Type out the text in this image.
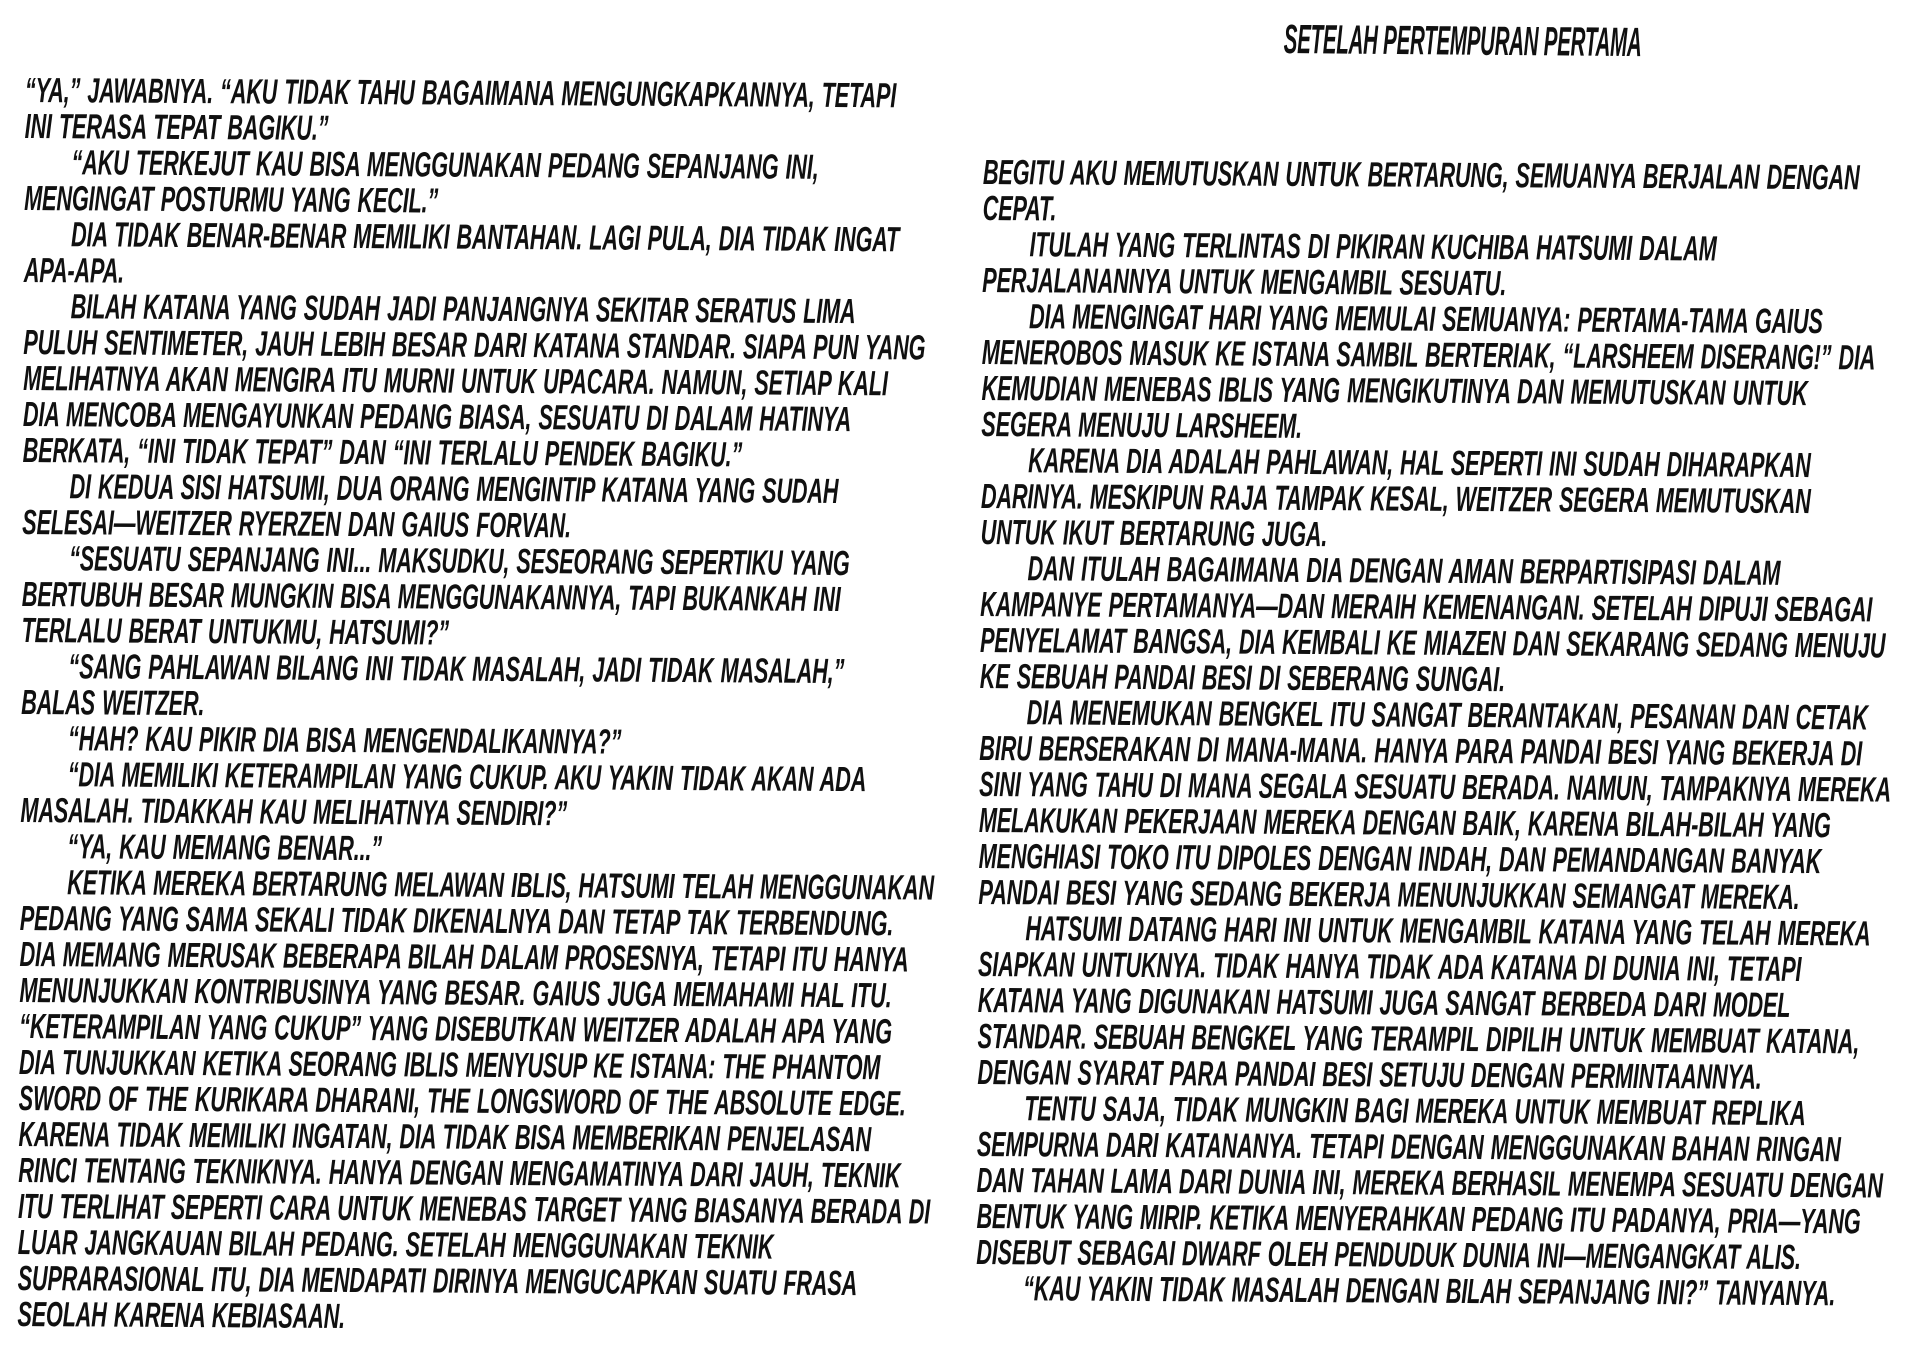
SETELAH PERTEMPURAN PERTAMA
“YA,” JAWABNYA. “AKU TIDAK TAHU BAGAIMANA MENGUNGKAPKANNYA, TETAPI
INI TERASA TEPAT BAGIKU.”
“AKU TERKEJUT KAU BISA MENGGUNAKAN PEDANG SEPANJANG INI,
MENGINGAT POSTURMU YANG KECIL.”
DIA TIDAK BENAR-BENAR MEMILIKI BANTAHAN. LAGI PULA, DIA TIDAK INGAT
APA-APA.
BILAH KATANA YANG SUDAH JADI PANJANGNYA SEKITAR SERATUS LIMA
PULUH SENTIMETER, JAUH LEBIH BESAR DARI KATANA STANDAR. SIAPA PUN YANG
MELIHATNYA AKAN MENGIRA ITU MURNI UNTUK UPACARA. NAMUN, SETIAP KALI
DIA MENCOBA MENGAYUNKAN PEDANG BIASA, SESUATU DI DALAM HATINYA
BERKATA, “INI TIDAK TEPAT” DAN “INI TERLALU PENDEK BAGIKU.”
DI KEDUA SISI HATSUMI, DUA ORANG MENGINTIP KATANA YANG SUDAH
SELESAI—WEITZER RYERZEN DAN GAIUS FORVAN.
“SESUATU SEPANJANG INI... MAKSUDKU, SESEORANG SEPERTIKU YANG
BERTUBUH BESAR MUNGKIN BISA MENGGUNAKANNYA, TAPI BUKANKAH INI
TERLALU BERAT UNTUKMU, HATSUMI?”
“SANG PAHLAWAN BILANG INI TIDAK MASALAH, JADI TIDAK MASALAH,”
BALAS WEITZER.
“HAH? KAU PIKIR DIA BISA MENGENDALIKANNYA?”
“DIA MEMILIKI KETERAMPILAN YANG CUKUP. AKU YAKIN TIDAK AKAN ADA
MASALAH. TIDAKKAH KAU MELIHATNYA SENDIRI?”
“YA, KAU MEMANG BENAR...”
KETIKA MEREKA BERTARUNG MELAWAN IBLIS, HATSUMI TELAH MENGGUNAKAN
PEDANG YANG SAMA SEKALI TIDAK DIKENALNYA DAN TETAP TAK TERBENDUNG.
DIA MEMANG MERUSAK BEBERAPA BILAH DALAM PROSESNYA, TETAPI ITU HANYA
MENUNJUKKAN KONTRIBUSINYA YANG BESAR. GAIUS JUGA MEMAHAMI HAL ITU.
“KETERAMPILAN YANG CUKUP” YANG DISEBUTKAN WEITZER ADALAH APA YANG
DIA TUNJUKKAN KETIKA SEORANG IBLIS MENYUSUP KE ISTANA: THE PHANTOM
SWORD OF THE KURIKARA DHARANI, THE LONGSWORD OF THE ABSOLUTE EDGE.
KARENA TIDAK MEMILIKI INGATAN, DIA TIDAK BISA MEMBERIKAN PENJELASAN
RINCI TENTANG TEKNIKNYA. HANYA DENGAN MENGAMATINYA DARI JAUH, TEKNIK
ITU TERLIHAT SEPERTI CARA UNTUK MENEBAS TARGET YANG BIASANYA BERADA DI
LUAR JANGKAUAN BILAH PEDANG. SETELAH MENGGUNAKAN TEKNIK
SUPRARASIONAL ITU, DIA MENDAPATI DIRINYA MENGUCAPKAN SUATU FRASA
SEOLAH KARENA KEBIASAAN.
BEGITU AKU MEMUTUSKAN UNTUK BERTARUNG, SEMUANYA BERJALAN DENGAN
CEPAT.
ITULAH YANG TERLINTAS DI PIKIRAN KUCHIBA HATSUMI DALAM
PERJALANANNYA UNTUK MENGAMBIL SESUATU.
DIA MENGINGAT HARI YANG MEMULAI SEMUANYA: PERTAMA-TAMA GAIUS
MENEROBOS MASUK KE ISTANA SAMBIL BERTERIAK, “LARSHEEM DISERANG!” DIA
KEMUDIAN MENEBAS IBLIS YANG MENGIKUTINYA DAN MEMUTUSKAN UNTUK
SEGERA MENUJU LARSHEEM.
KARENA DIA ADALAH PAHLAWAN, HAL SEPERTI INI SUDAH DIHARAPKAN
DARINYA. MESKIPUN RAJA TAMPAK KESAL, WEITZER SEGERA MEMUTUSKAN
UNTUK IKUT BERTARUNG JUGA.
DAN ITULAH BAGAIMANA DIA DENGAN AMAN BERPARTISIPASI DALAM
KAMPANYE PERTAMANYA—DAN MERAIH KEMENANGAN. SETELAH DIPUJI SEBAGAI
PENYELAMAT BANGSA, DIA KEMBALI KE MIAZEN DAN SEKARANG SEDANG MENUJU
KE SEBUAH PANDAI BESI DI SEBERANG SUNGAI.
DIA MENEMUKAN BENGKEL ITU SANGAT BERANTAKAN, PESANAN DAN CETAK
BIRU BERSERAKAN DI MANA-MANA. HANYA PARA PANDAI BESI YANG BEKERJA DI
SINI YANG TAHU DI MANA SEGALA SESUATU BERADA. NAMUN, TAMPAKNYA MEREKA
MELAKUKAN PEKERJAAN MEREKA DENGAN BAIK, KARENA BILAH-BILAH YANG
MENGHIASI TOKO ITU DIPOLES DENGAN INDAH, DAN PEMANDANGAN BANYAK
PANDAI BESI YANG SEDANG BEKERJA MENUNJUKKAN SEMANGAT MEREKA.
HATSUMI DATANG HARI INI UNTUK MENGAMBIL KATANA YANG TELAH MEREKA
SIAPKAN UNTUKNYA. TIDAK HANYA TIDAK ADA KATANA DI DUNIA INI, TETAPI
KATANA YANG DIGUNAKAN HATSUMI JUGA SANGAT BERBEDA DARI MODEL
STANDAR. SEBUAH BENGKEL YANG TERAMPIL DIPILIH UNTUK MEMBUAT KATANA,
DENGAN SYARAT PARA PANDAI BESI SETUJU DENGAN PERMINTAANNYA.
TENTU SAJA, TIDAK MUNGKIN BAGI MEREKA UNTUK MEMBUAT REPLIKA
SEMPURNA DARI KATANANYA. TETAPI DENGAN MENGGUNAKAN BAHAN RINGAN
DAN TAHAN LAMA DARI DUNIA INI, MEREKA BERHASIL MENEMPA SESUATU DENGAN
BENTUK YANG MIRIP. KETIKA MENYERAHKAN PEDANG ITU PADANYA, PRIA—YANG
DISEBUT SEBAGAI DWARF OLEH PENDUDUK DUNIA INI—MENGANGKAT ALIS.
“KAU YAKIN TIDAK MASALAH DENGAN BILAH SEPANJANG INI?” TANYANYA.
